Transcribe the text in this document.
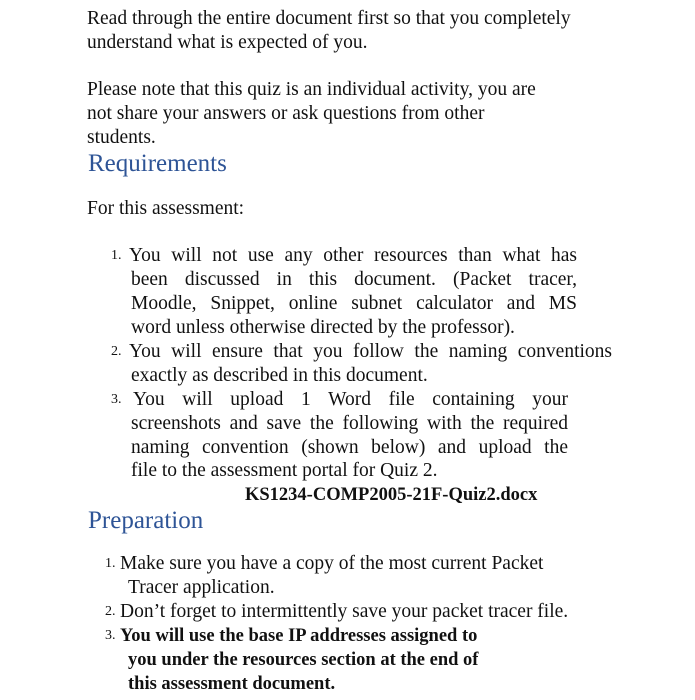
Read through the entire document first so that you completely
understand what is expected of you.
Please note that this quiz is an individual activity, you are
not share your answers or ask questions from other
students.
Requirements
For this assessment:
1. You will not use any other resources than what has
been discussed in this document. (Packet tracer,
Moodle, Snippet, online subnet calculator and MS
word unless otherwise directed by the professor).
2. You will ensure that you follow the naming conventions
exactly as described in this document.
3. You will upload 1 Word file containing your
screenshots and save the following with the required
naming convention (shown below) and upload the
file to the assessment portal for Quiz 2.
KS1234-COMP2005-21F-Quiz2.docx
Preparation
1. Make sure you have a copy of the most current Packet
Tracer application.
2. Don’t forget to intermittently save your packet tracer file.
3. You will use the base IP addresses assigned to
you under the resources section at the end of
this assessment document.
